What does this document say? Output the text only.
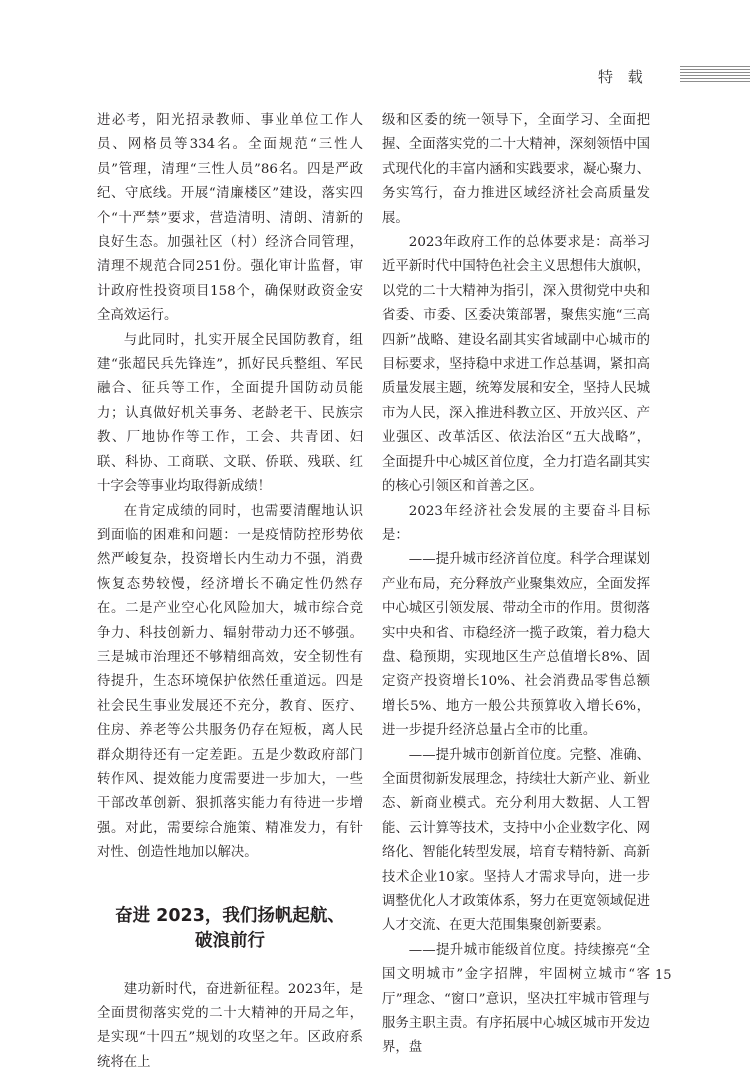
特 载

进必考，阳光招录教师、事业单位工作人员、网格员等334名。全面规范“三性人员”管理，清理“三性人员”86名。四是严政纪、守底线。开展“清廉楼区”建设，落实四个“十严禁”要求，营造清明、清朗、清新的良好生态。加强社区（村）经济合同管理，清理不规范合同251份。强化审计监督，审计政府性投资项目158个，确保财政资金安全高效运行。

与此同时，扎实开展全民国防教育，组建“张超民兵先锋连”，抓好民兵整组、军民融合、征兵等工作，全面提升国防动员能力；认真做好机关事务、老龄老干、民族宗教、厂地协作等工作，工会、共青团、妇联、科协、工商联、文联、侨联、残联、红十字会等事业均取得新成绩！

在肯定成绩的同时，也需要清醒地认识到面临的困难和问题：一是疫情防控形势依然严峻复杂，投资增长内生动力不强，消费恢复态势较慢，经济增长不确定性仍然存在。二是产业空心化风险加大，城市综合竞争力、科技创新力、辐射带动力还不够强。三是城市治理还不够精细高效，安全韧性有待提升，生态环境保护依然任重道远。四是社会民生事业发展还不充分，教育、医疗、住房、养老等公共服务仍存在短板，离人民群众期待还有一定差距。五是少数政府部门转作风、提效能力度需要进一步加大，一些干部改革创新、狠抓落实能力有待进一步增强。对此，需要综合施策、精准发力，有针对性、创造性地加以解决。

奋进 2023，我们扬帆起航、
破浪前行

建功新时代，奋进新征程。2023年，是全面贯彻落实党的二十大精神的开局之年，是实现“十四五”规划的攻坚之年。区政府系统将在上

级和区委的统一领导下，全面学习、全面把握、全面落实党的二十大精神，深刻领悟中国式现代化的丰富内涵和实践要求，凝心聚力、务实笃行，奋力推进区域经济社会高质量发展。

2023年政府工作的总体要求是：高举习近平新时代中国特色社会主义思想伟大旗帜，以党的二十大精神为指引，深入贯彻党中央和省委、市委、区委决策部署，聚焦实施“三高四新”战略、建设名副其实省域副中心城市的目标要求，坚持稳中求进工作总基调，紧扣高质量发展主题，统筹发展和安全，坚持人民城市为人民，深入推进科教立区、开放兴区、产业强区、改革活区、依法治区“五大战略”，全面提升中心城区首位度，全力打造名副其实的核心引领区和首善之区。

2023年经济社会发展的主要奋斗目标是：

——提升城市经济首位度。科学合理谋划产业布局，充分释放产业聚集效应，全面发挥中心城区引领发展、带动全市的作用。贯彻落实中央和省、市稳经济一揽子政策，着力稳大盘、稳预期，实现地区生产总值增长8%、固定资产投资增长10%、社会消费品零售总额增长5%、地方一般公共预算收入增长6%，进一步提升经济总量占全市的比重。

——提升城市创新首位度。完整、准确、全面贯彻新发展理念，持续壮大新产业、新业态、新商业模式。充分利用大数据、人工智能、云计算等技术，支持中小企业数字化、网络化、智能化转型发展，培育专精特新、高新技术企业10家。坚持人才需求导向，进一步调整优化人才政策体系，努力在更宽领域促进人才交流、在更大范围集聚创新要素。

——提升城市能级首位度。持续擦亮“全国文明城市”金字招牌，牢固树立城市“客厅”理念、“窗口”意识，坚决扛牢城市管理与服务主职主责。有序拓展中心城区城市开发边界，盘

15
